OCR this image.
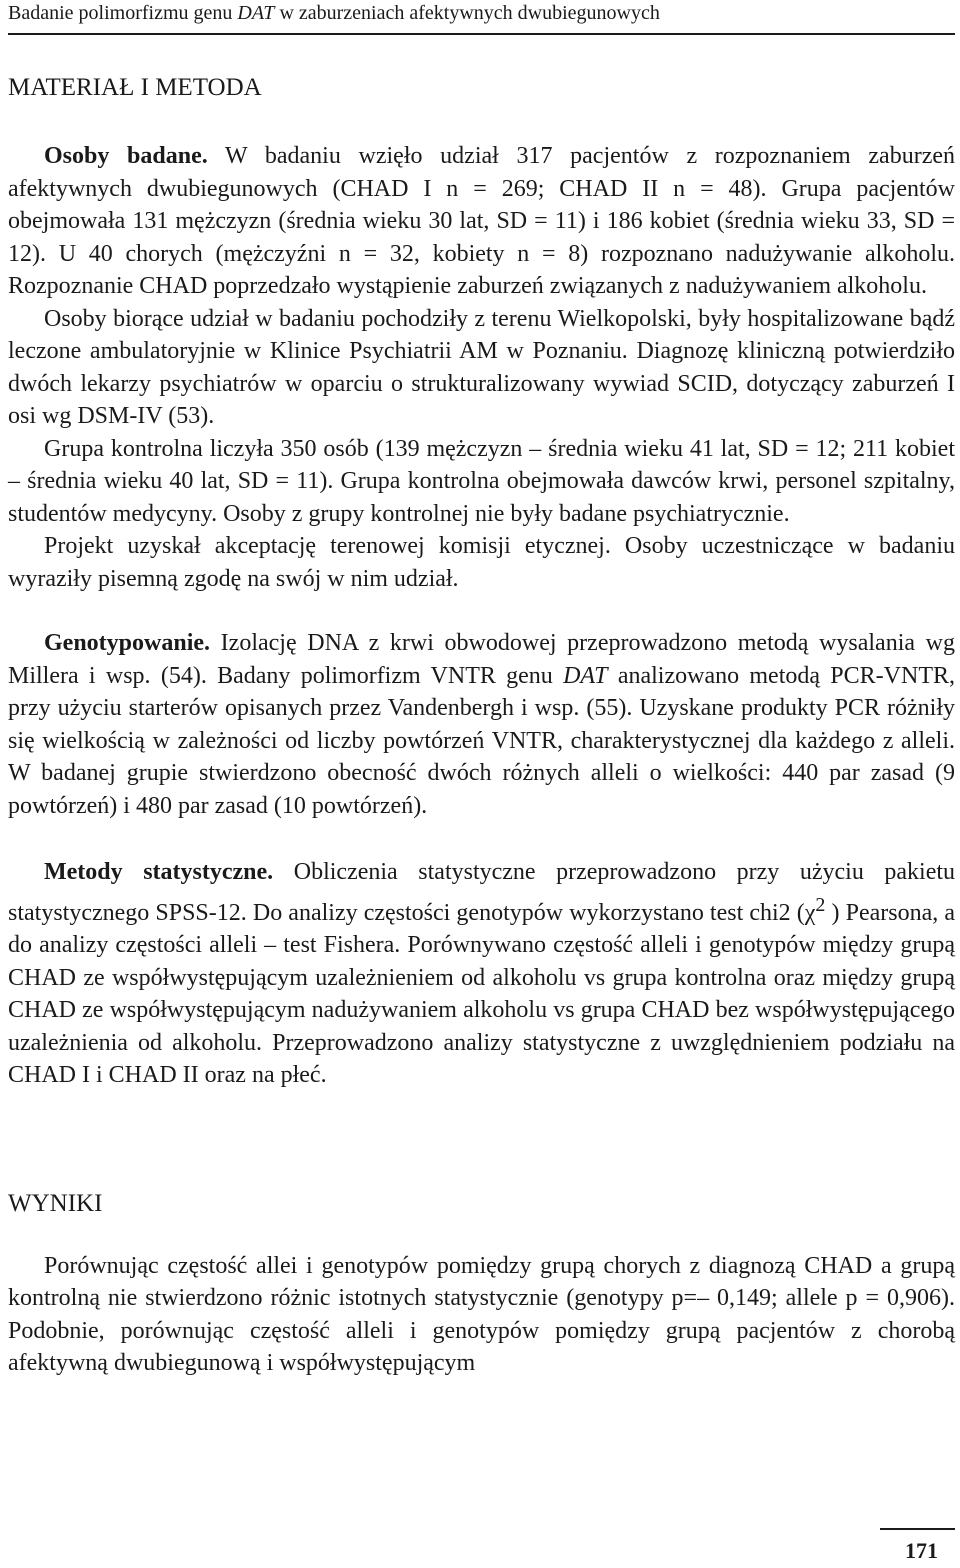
Badanie polimorfizmu genu DAT w zaburzeniach afektywnych dwubiegunowych
MATERIAŁ I METODA

Osoby badane. W badaniu wzięło udział 317 pacjentów z rozpoznaniem zaburzeń afektywnych dwubiegunowych (CHAD I n = 269; CHAD II n = 48). Grupa pacjentów obejmowała 131 mężczyzn (średnia wieku 30 lat, SD = 11) i 186 kobiet (średnia wieku 33, SD = 12). U 40 chorych (mężczyźni n = 32, kobiety n = 8) rozpoznano nadużywanie alkoholu. Rozpoznanie CHAD poprzedzało wystąpienie zaburzeń związanych z nadużywaniem alkoholu.

Osoby biorące udział w badaniu pochodziły z terenu Wielkopolski, były hospitalizowane bądź leczone ambulatoryjnie w Klinice Psychiatrii AM w Poznaniu. Diagnozę kliniczną potwierdziło dwóch lekarzy psychiatrów w oparciu o strukturalizowany wywiad SCID, dotyczący zaburzeń I osi wg DSM-IV (53).

Grupa kontrolna liczyła 350 osób (139 mężczyzn – średnia wieku 41 lat, SD = 12; 211 kobiet – średnia wieku 40 lat, SD = 11). Grupa kontrolna obejmowała dawców krwi, personel szpitalny, studentów medycyny. Osoby z grupy kontrolnej nie były badane psychiatrycznie.

Projekt uzyskał akceptację terenowej komisji etycznej. Osoby uczestniczące w badaniu wyraziły pisemną zgodę na swój w nim udział.

Genotypowanie. Izolację DNA z krwi obwodowej przeprowadzono metodą wysalania wg Millera i wsp. (54). Badany polimorfizm VNTR genu DAT analizowano metodą PCR-VNTR, przy użyciu starterów opisanych przez Vandenbergh i wsp. (55). Uzyskane produkty PCR różniły się wielkością w zależności od liczby powtórzeń VNTR, charakterystycznej dla każdego z alleli. W badanej grupie stwierdzono obecność dwóch różnych alleli o wielkości: 440 par zasad (9 powtórzeń) i 480 par zasad (10 powtórzeń).

Metody statystyczne. Obliczenia statystyczne przeprowadzono przy użyciu pakietu statystycznego SPSS-12. Do analizy częstości genotypów wykorzystano test chi2 ($\chi^2$ ) Pearsona, a do analizy częstości alleli – test Fishera. Porównywano częstość alleli i genotypów między grupą CHAD ze współwystępującym uzależnieniem od alkoholu vs grupa kontrolna oraz między grupą CHAD ze współwystępującym nadużywaniem alkoholu vs grupa CHAD bez współwystępującego uzależnienia od alkoholu. Przeprowadzono analizy statystyczne z uwzględnieniem podziału na CHAD I i CHAD II oraz na płeć.

WYNIKI

Porównując częstość allei i genotypów pomiędzy grupą chorych z diagnozą CHAD a grupą kontrolną nie stwierdzono różnic istotnych statystycznie (genotypy p=– 0,149; allele p = 0,906). Podobnie, porównując częstość alleli i genotypów pomiędzy grupą pacjentów z chorobą afektywną dwubiegunową i współwystępującym

171
